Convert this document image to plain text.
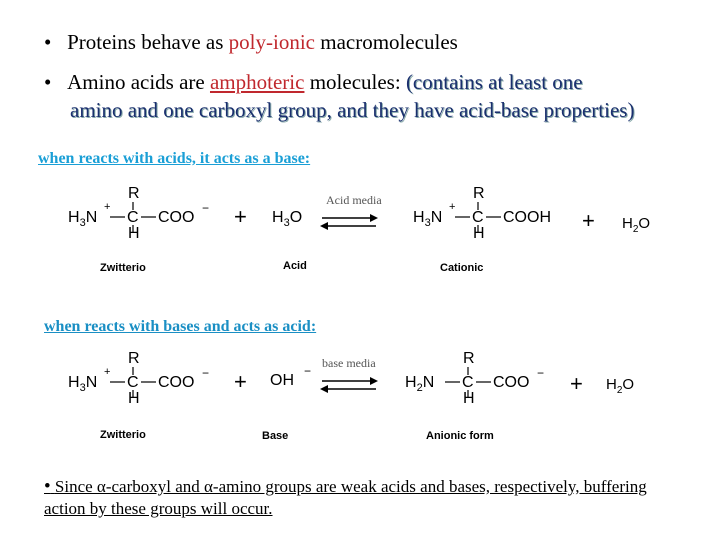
• Proteins behave as poly-ionic macromolecules
• Amino acids are amphoteric molecules: (contains at least one
amino and one carboxyl group, and they have acid-base properties)
when reacts with acids, it acts as a base:
Acid media
R
$H_3N$
+
C COO
−
H
+ $H_3O$
R
$H_3N$
+
C COOH
H
+ $H_2O$
Zwitterio	Acid	Cationic
when reacts with bases and acts as acid:
base media
R
$H_3N$
+
C COO
−
H
+ OH
−
R
$H_2N$ C COO
−
H
+ $H_2O$
Zwitterio	Base	Anionic form
• Since α-carboxyl and α-amino groups are weak acids and bases, respectively, buffering action by these groups will occur.
